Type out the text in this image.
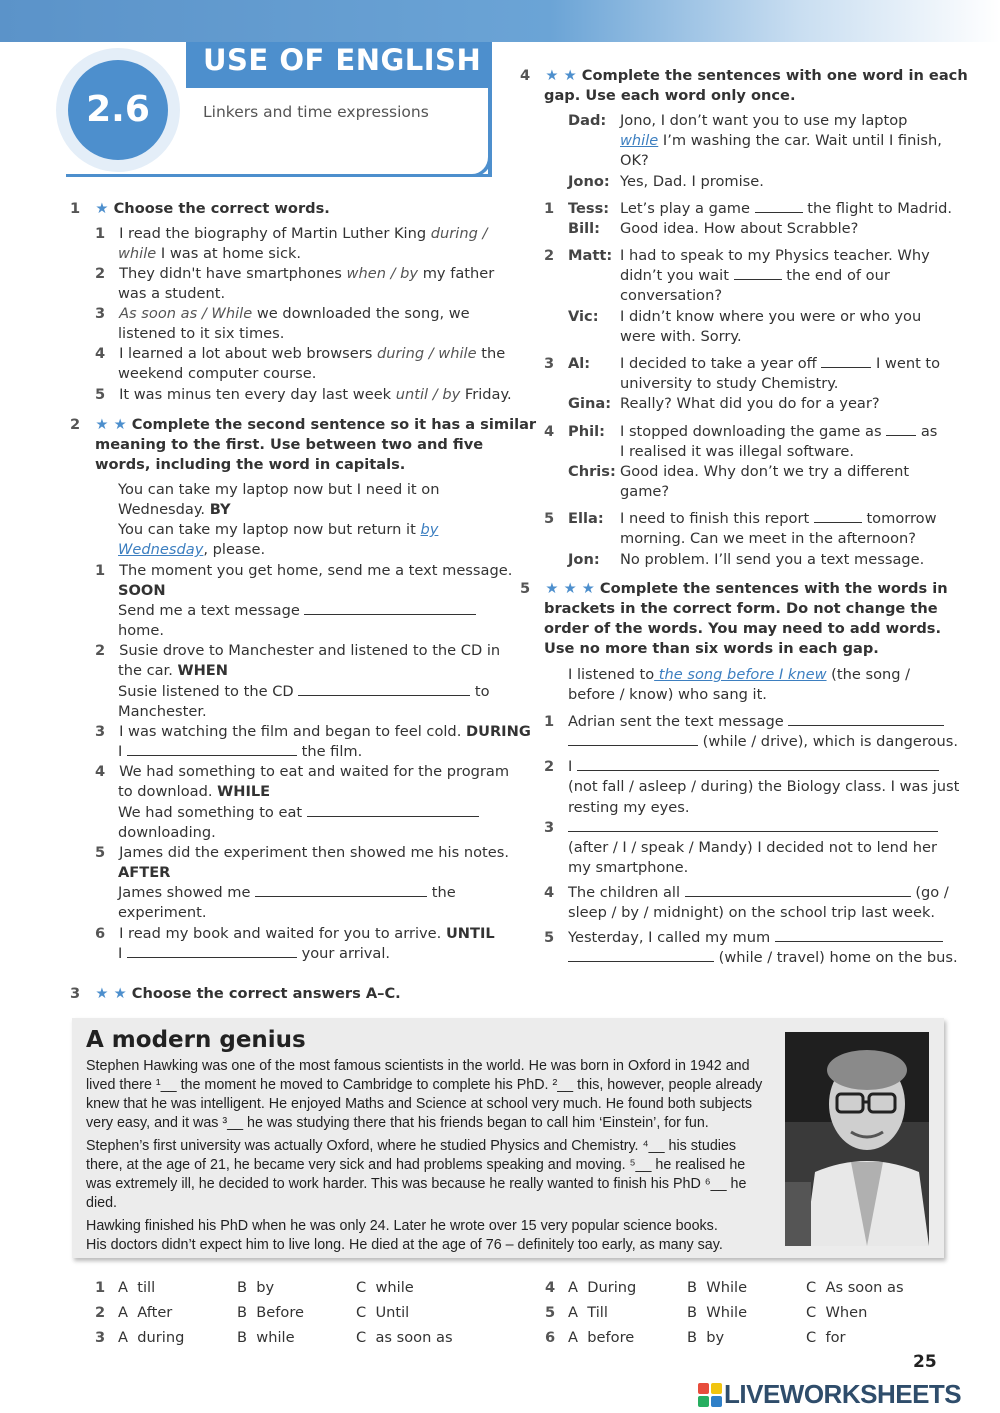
2.6
USE OF ENGLISH
Linkers and time expressions
1 ★ Choose the correct words.
1 I read the biography of Martin Luther King during /
while I was at home sick.
2 They didn't have smartphones when / by my father
was a student.
3 As soon as / While we downloaded the song, we
listened to it six times.
4 I learned a lot about web browsers during / while the
weekend computer course.
5 It was minus ten every day last week until / by Friday.
2 ★ ★ Complete the second sentence so it has a similar
meaning to the first. Use between two and five
words, including the word in capitals.
You can take my laptop now but I need it on
Wednesday. BY
You can take my laptop now but return it by
Wednesday, please.
1 The moment you get home, send me a text message.
SOON
Send me a text message
home.
2 Susie drove to Manchester and listened to the CD in
the car. WHEN
Susie listened to the CD	to
Manchester.
3 I was watching the film and began to feel cold. DURING
I	the film.
4 We had something to eat and waited for the program
to download. WHILE
We had something to eat
downloading.
5 James did the experiment then showed me his notes.
AFTER
James showed me	the
experiment.
6 I read my book and waited for you to arrive. UNTIL
I	your arrival.
3 ★ ★ Choose the correct answers A–C.
A modern genius
Stephen Hawking was one of the most famous scientists in the world. He was born in Oxford in 1942 and
lived there ¹__ the moment he moved to Cambridge to complete his PhD. ²__ this, however, people already
knew that he was intelligent. He enjoyed Maths and Science at school very much. He found both subjects
very easy, and it was ³__ he was studying there that his friends began to call him ‘Einstein’, for fun.
Stephen’s first university was actually Oxford, where he studied Physics and Chemistry. ⁴__ his studies
there, at the age of 21, he became very sick and had problems speaking and moving. ⁵__ he realised he
was extremely ill, he decided to work harder. This was because he really wanted to finish his PhD ⁶__ he
died.
Hawking finished his PhD when he was only 24. Later he wrote over 15 very popular science books.
His doctors didn’t expect him to live long. He died at the age of 76 – definitely too early, as many say.
1 A  till	B  by	C  while
2 A  After	B  Before	C  Until
3 A  during	B  while	C  as soon as
4 A  During	B  While	C  As soon as
5 A  Till	B  While	C  When
6 A  before	B  by	C  for
4 ★ ★ Complete the sentences with one word in each
gap. Use each word only once.
Dad: Jono, I don’t want you to use my laptop
while I’m washing the car. Wait until I finish,
OK?
Jono: Yes, Dad. I promise.
1 Tess: Let’s play a game	the flight to Madrid.
Bill: Good idea. How about Scrabble?
2 Matt: I had to speak to my Physics teacher. Why
didn’t you wait	the end of our
conversation?
Vic: I didn’t know where you were or who you
were with. Sorry.
3 Al: I decided to take a year off	I went to
university to study Chemistry.
Gina: Really? What did you do for a year?
4 Phil: I stopped downloading the game as	as
I realised it was illegal software.
Chris: Good idea. Why don’t we try a different
game?
5 Ella: I need to finish this report	tomorrow
morning. Can we meet in the afternoon?
Jon: No problem. I’ll send you a text message.
5 ★ ★ ★ Complete the sentences with the words in
brackets in the correct form. Do not change the
order of the words. You may need to add words.
Use no more than six words in each gap.
I listened to the song before I knew (the song /
before / know) who sang it.
1 Adrian sent the text message
(while / drive), which is dangerous.
2 I
(not fall / asleep / during) the Biology class. I was just
resting my eyes.
3
(after / I / speak / Mandy) I decided not to lend her
my smartphone.
4 The children all	(go /
sleep / by / midnight) on the school trip last week.
5 Yesterday, I called my mum
(while / travel) home on the bus.
25
LIVEWORKSHEETS
